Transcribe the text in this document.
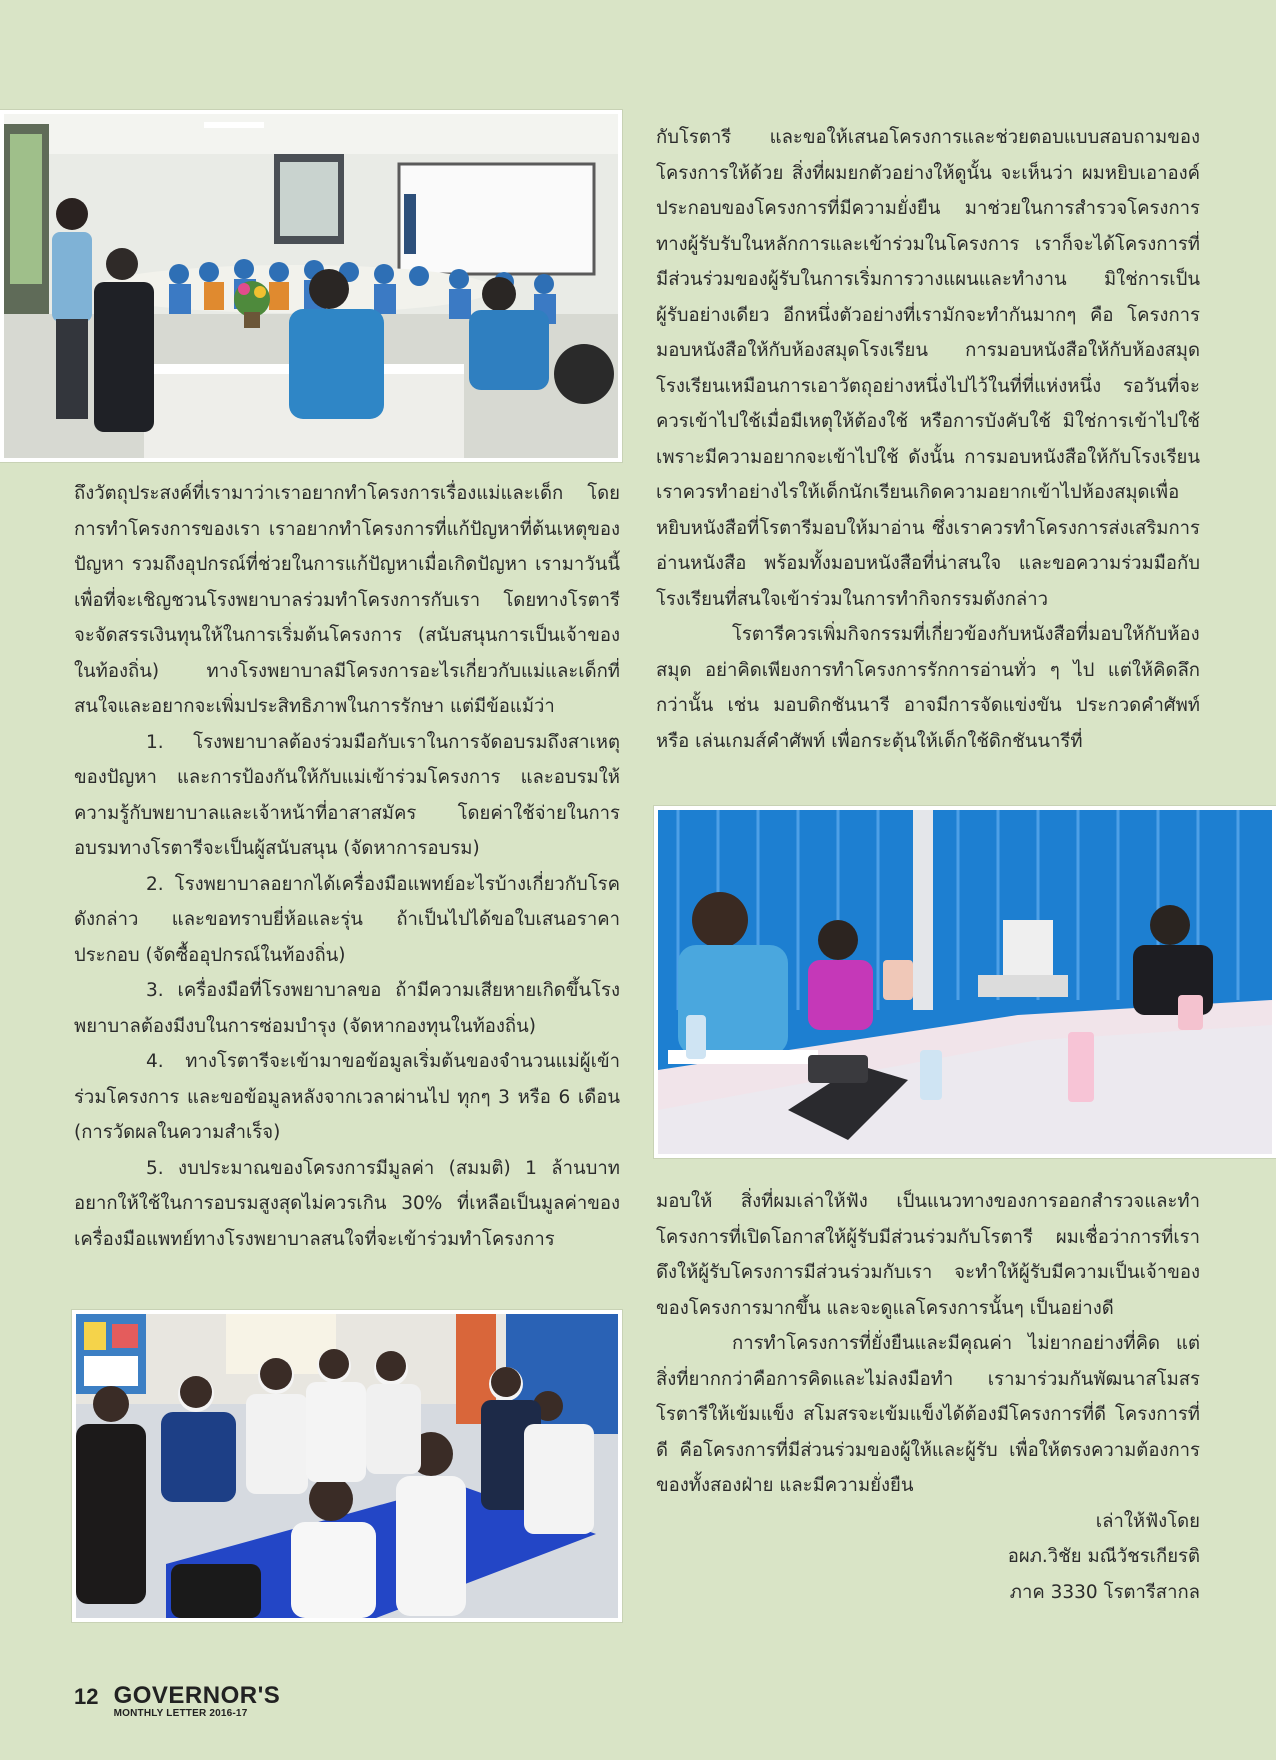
ถึงวัตถุประสงค์ที่เรามาว่าเราอยากทำโครงการเรื่องแม่และเด็ก โดยการทำโครงการของเรา เราอยากทำโครงการที่แก้ปัญหาที่ต้นเหตุของปัญหา รวมถึงอุปกรณ์ที่ช่วยในการแก้ปัญหาเมื่อเกิดปัญหา เรามาวันนี้เพื่อที่จะเชิญชวนโรงพยาบาลร่วมทำโครงการกับเรา โดยทางโรตารีจะจัดสรรเงินทุนให้ในการเริ่มต้นโครงการ (สนับสนุนการเป็นเจ้าของในท้องถิ่น) ทางโรงพยาบาลมีโครงการอะไรเกี่ยวกับแม่และเด็กที่สนใจและอยากจะเพิ่มประสิทธิภาพในการรักษา แต่มีข้อแม้ว่า

1. โรงพยาบาลต้องร่วมมือกับเราในการจัดอบรมถึงสาเหตุของปัญหา และการป้องกันให้กับแม่เข้าร่วมโครงการ และอบรมให้ความรู้กับพยาบาลและเจ้าหน้าที่อาสาสมัคร โดยค่าใช้จ่ายในการอบรมทางโรตารีจะเป็นผู้สนับสนุน (จัดหาการอบรม)

2. โรงพยาบาลอยากได้เครื่องมือแพทย์อะไรบ้างเกี่ยวกับโรคดังกล่าว และขอทราบยี่ห้อและรุ่น ถ้าเป็นไปได้ขอใบเสนอราคาประกอบ (จัดซื้ออุปกรณ์ในท้องถิ่น)

3. เครื่องมือที่โรงพยาบาลขอ ถ้ามีความเสียหายเกิดขึ้นโรงพยาบาลต้องมีงบในการซ่อมบำรุง (จัดหากองทุนในท้องถิ่น)

4. ทางโรตารีจะเข้ามาขอข้อมูลเริ่มต้นของจำนวนแม่ผู้เข้าร่วมโครงการ และขอข้อมูลหลังจากเวลาผ่านไป ทุกๆ 3 หรือ 6 เดือน (การวัดผลในความสำเร็จ)

5. งบประมาณของโครงการมีมูลค่า (สมมติ) 1 ล้านบาท อยากให้ใช้ในการอบรมสูงสุดไม่ควรเกิน 30% ที่เหลือเป็นมูลค่าของเครื่องมือแพทย์ทางโรงพยาบาลสนใจที่จะเข้าร่วมทำโครงการ

กับโรตารี และขอให้เสนอโครงการและช่วยตอบแบบสอบถามของโครงการให้ด้วย สิ่งที่ผมยกตัวอย่างให้ดูนั้น จะเห็นว่า ผมหยิบเอาองค์ประกอบของโครงการที่มีความยั่งยืน มาช่วยในการสำรวจโครงการ ทางผู้รับรับในหลักการและเข้าร่วมในโครงการ เราก็จะได้โครงการที่มีส่วนร่วมของผู้รับในการเริ่มการวางแผนและทำงาน มิใช่การเป็นผู้รับอย่างเดียว อีกหนึ่งตัวอย่างที่เรามักจะทำกันมากๆ คือ โครงการมอบหนังสือให้กับห้องสมุดโรงเรียน การมอบหนังสือให้กับห้องสมุดโรงเรียนเหมือนการเอาวัตถุอย่างหนึ่งไปไว้ในที่ที่แห่งหนึ่ง รอวันที่จะควรเข้าไปใช้เมื่อมีเหตุให้ต้องใช้ หรือการบังคับใช้ มิใช่การเข้าไปใช้เพราะมีความอยากจะเข้าไปใช้ ดังนั้น การมอบหนังสือให้กับโรงเรียน เราควรทำอย่างไรให้เด็กนักเรียนเกิดความอยากเข้าไปห้องสมุดเพื่อหยิบหนังสือที่โรตารีมอบให้มาอ่าน ซึ่งเราควรทำโครงการส่งเสริมการอ่านหนังสือ พร้อมทั้งมอบหนังสือที่น่าสนใจ และขอความร่วมมือกับโรงเรียนที่สนใจเข้าร่วมในการทำกิจกรรมดังกล่าว

โรตารีควรเพิ่มกิจกรรมที่เกี่ยวข้องกับหนังสือที่มอบให้กับห้องสมุด อย่าคิดเพียงการทำโครงการรักการอ่านทั่ว ๆ ไป แต่ให้คิดลึกกว่านั้น เช่น มอบดิกชันนารี อาจมีการจัดแข่งขัน ประกวดคำศัพท์ หรือ เล่นเกมส์คำศัพท์ เพื่อกระตุ้นให้เด็กใช้ดิกชันนารีที่

มอบให้ สิ่งที่ผมเล่าให้ฟัง เป็นแนวทางของการออกสำรวจและทำโครงการที่เปิดโอกาสให้ผู้รับมีส่วนร่วมกับโรตารี ผมเชื่อว่าการที่เราดึงให้ผู้รับโครงการมีส่วนร่วมกับเรา จะทำให้ผู้รับมีความเป็นเจ้าของของโครงการมากขึ้น และจะดูแลโครงการนั้นๆ เป็นอย่างดี

การทำโครงการที่ยั่งยืนและมีคุณค่า ไม่ยากอย่างที่คิด แต่สิ่งที่ยากกว่าคือการคิดและไม่ลงมือทำ เรามาร่วมกันพัฒนาสโมสรโรตารีให้เข้มแข็ง สโมสรจะเข้มแข็งได้ต้องมีโครงการที่ดี โครงการที่ดี คือโครงการที่มีส่วนร่วมของผู้ให้และผู้รับ เพื่อให้ตรงความต้องการของทั้งสองฝ่าย และมีความยั่งยืน

เล่าให้ฟังโดย

อผภ.วิชัย มณีวัชรเกียรติ

ภาค 3330 โรตารีสากล

12 GOVERNOR'S
MONTHLY LETTER 2016-17
